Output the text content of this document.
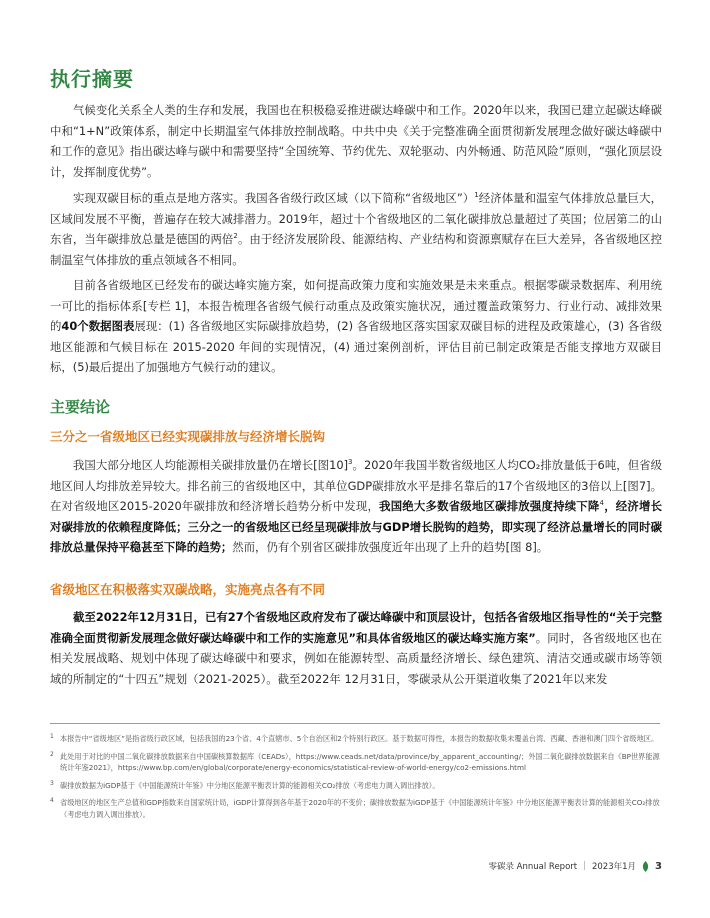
执行摘要

气候变化关系全人类的生存和发展，我国也在积极稳妥推进碳达峰碳中和工作。2020年以来，我国已建立起碳达峰碳中和“1+N”政策体系，制定中长期温室气体排放控制战略。中共中央《关于完整准确全面贯彻新发展理念做好碳达峰碳中和工作的意见》指出碳达峰与碳中和需要坚持“全国统筹、节约优先、双轮驱动、内外畅通、防范风险”原则，“强化顶层设计，发挥制度优势”。

实现双碳目标的重点是地方落实。我国各省级行政区域（以下简称“省级地区”）$^1$经济体量和温室气体排放总量巨大，区域间发展不平衡，普遍存在较大减排潜力。2019年，超过十个省级地区的二氧化碳排放总量超过了英国；位居第二的山东省，当年碳排放总量是德国的两倍$^2$。由于经济发展阶段、能源结构、产业结构和资源禀赋存在巨大差异，各省级地区控制温室气体排放的重点领域各不相同。

目前各省级地区已经发布的碳达峰实施方案，如何提高政策力度和实施效果是未来重点。根据零碳录数据库、利用统一可比的指标体系[专栏 1]，本报告梳理各省级气候行动重点及政策实施状况，通过覆盖政策努力、行业行动、减排效果的40个数据图表展现：(1) 各省级地区实际碳排放趋势，(2) 各省级地区落实国家双碳目标的进程及政策雄心，(3) 各省级地区能源和气候目标在 2015-2020 年间的实现情况，(4) 通过案例剖析，评估目前已制定政策是否能支撑地方双碳目标，(5)最后提出了加强地方气候行动的建议。

主要结论
三分之一省级地区已经实现碳排放与经济增长脱钩

我国大部分地区人均能源相关碳排放量仍在增长[图10]$^3$。2020年我国半数省级地区人均CO₂排放量低于6吨，但省级地区间人均排放差异较大。排名前三的省级地区中，其单位GDP碳排放水平是排名靠后的17个省级地区的3倍以上[图7]。在对省级地区2015-2020年碳排放和经济增长趋势分析中发现，我国绝大多数省级地区碳排放强度持续下降$^4$，经济增长对碳排放的依赖程度降低；三分之一的省级地区已经呈现碳排放与GDP增长脱钩的趋势，即实现了经济总量增长的同时碳排放总量保持平稳甚至下降的趋势；然而，仍有个别省区碳排放强度近年出现了上升的趋势[图 8]。

省级地区在积极落实双碳战略，实施亮点各有不同

截至2022年12月31日，已有27个省级地区政府发布了碳达峰碳中和顶层设计，包括各省级地区指导性的“关于完整准确全面贯彻新发展理念做好碳达峰碳中和工作的实施意见”和具体省级地区的碳达峰实施方案”。同时，各省级地区也在相关发展战略、规划中体现了碳达峰碳中和要求，例如在能源转型、高质量经济增长、绿色建筑、清洁交通或碳市场等领域的所制定的“十四五”规划（2021-2025）。截至2022年 12月31日，零碳录从公开渠道收集了2021年以来发

1 本报告中“省级地区”是指省级行政区域，包括我国的23个省、4个直辖市、5个自治区和2个特别行政区。基于数据可得性，本报告的数据收集未覆盖台湾、西藏、香港和澳门四个省级地区。
2 此处用于对比的中国二氧化碳排放数据来自中国碳核算数据库（CEADs），https://www.ceads.net/data/province/by_apparent_accounting/；外国二氧化碳排放数据来自《BP世界能源统计年鉴2021》，https://www.bp.com/en/global/corporate/energy-economics/statistical-review-of-world-energy/co2-emissions.html
3 碳排放数据为iGDP基于《中国能源统计年鉴》中分地区能源平衡表计算的能源相关CO₂排放（考虑电力调入调出排放）。
4 省级地区的地区生产总值和GDP指数来自国家统计局，iGDP计算得到各年基于2020年的不变价；碳排放数据为iGDP基于《中国能源统计年鉴》中分地区能源平衡表计算的能源相关CO₂排放（考虑电力调入调出排放）。
零碳录 Annual Report | 2023年1月 3
